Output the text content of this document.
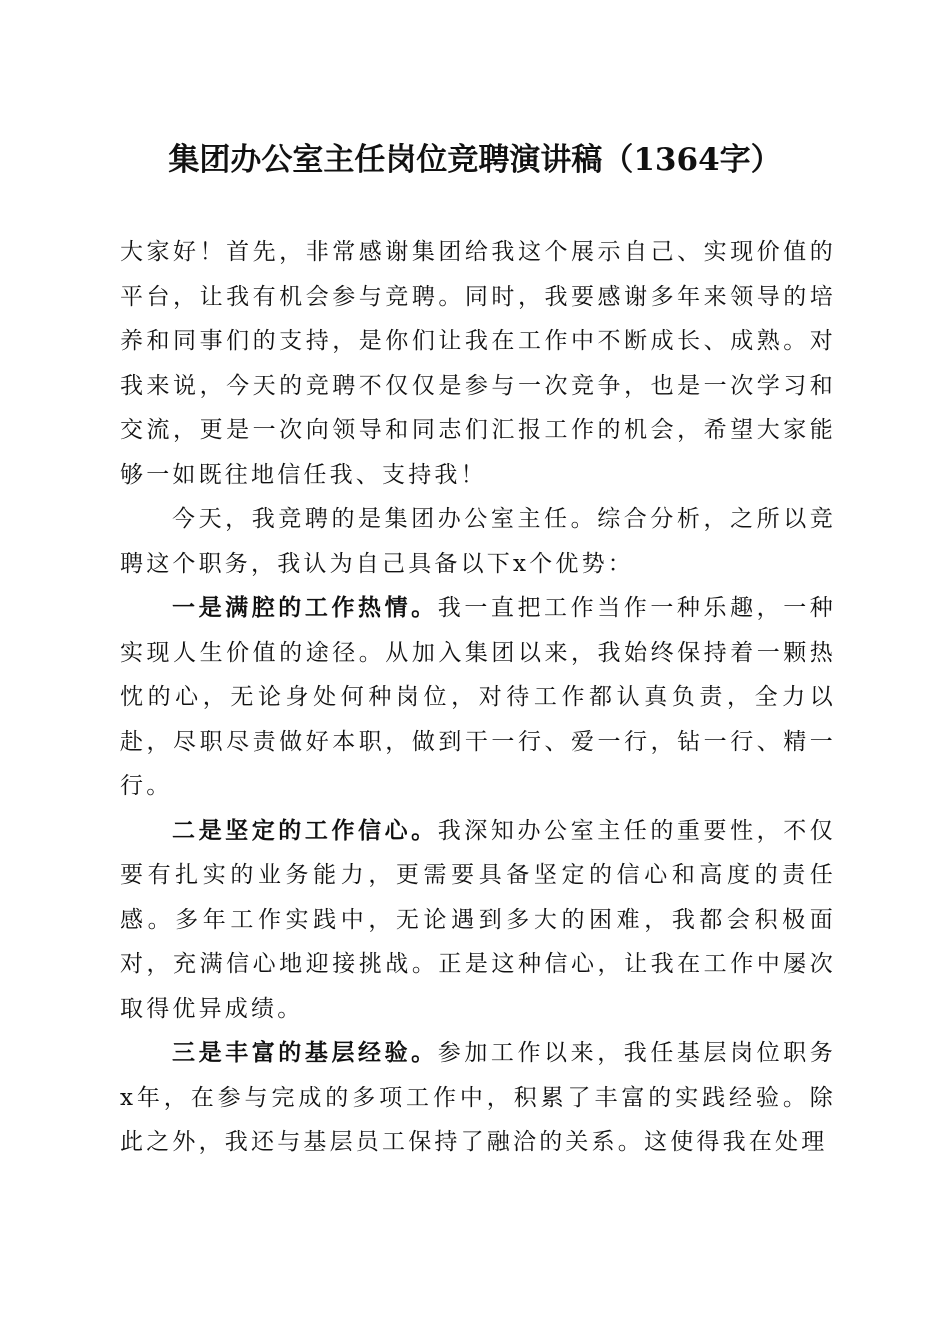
集团办公室主任岗位竞聘演讲稿（1364字）

大家好！首先，非常感谢集团给我这个展示自己、实现价值的平台，让我有机会参与竞聘。同时，我要感谢多年来领导的培养和同事们的支持，是你们让我在工作中不断成长、成熟。对我来说，今天的竞聘不仅仅是参与一次竞争，也是一次学习和交流，更是一次向领导和同志们汇报工作的机会，希望大家能够一如既往地信任我、支持我！

今天，我竞聘的是集团办公室主任。综合分析，之所以竞聘这个职务，我认为自己具备以下x个优势：

一是满腔的工作热情。我一直把工作当作一种乐趣，一种实现人生价值的途径。从加入集团以来，我始终保持着一颗热忱的心，无论身处何种岗位，对待工作都认真负责，全力以赴，尽职尽责做好本职，做到干一行、爱一行，钻一行、精一行。

二是坚定的工作信心。我深知办公室主任的重要性，不仅要有扎实的业务能力，更需要具备坚定的信心和高度的责任感。多年工作实践中，无论遇到多大的困难，我都会积极面对，充满信心地迎接挑战。正是这种信心，让我在工作中屡次取得优异成绩。

三是丰富的基层经验。参加工作以来，我任基层岗位职务x年，在参与完成的多项工作中，积累了丰富的实践经验。除此之外，我还与基层员工保持了融洽的关系。这使得我在处理
